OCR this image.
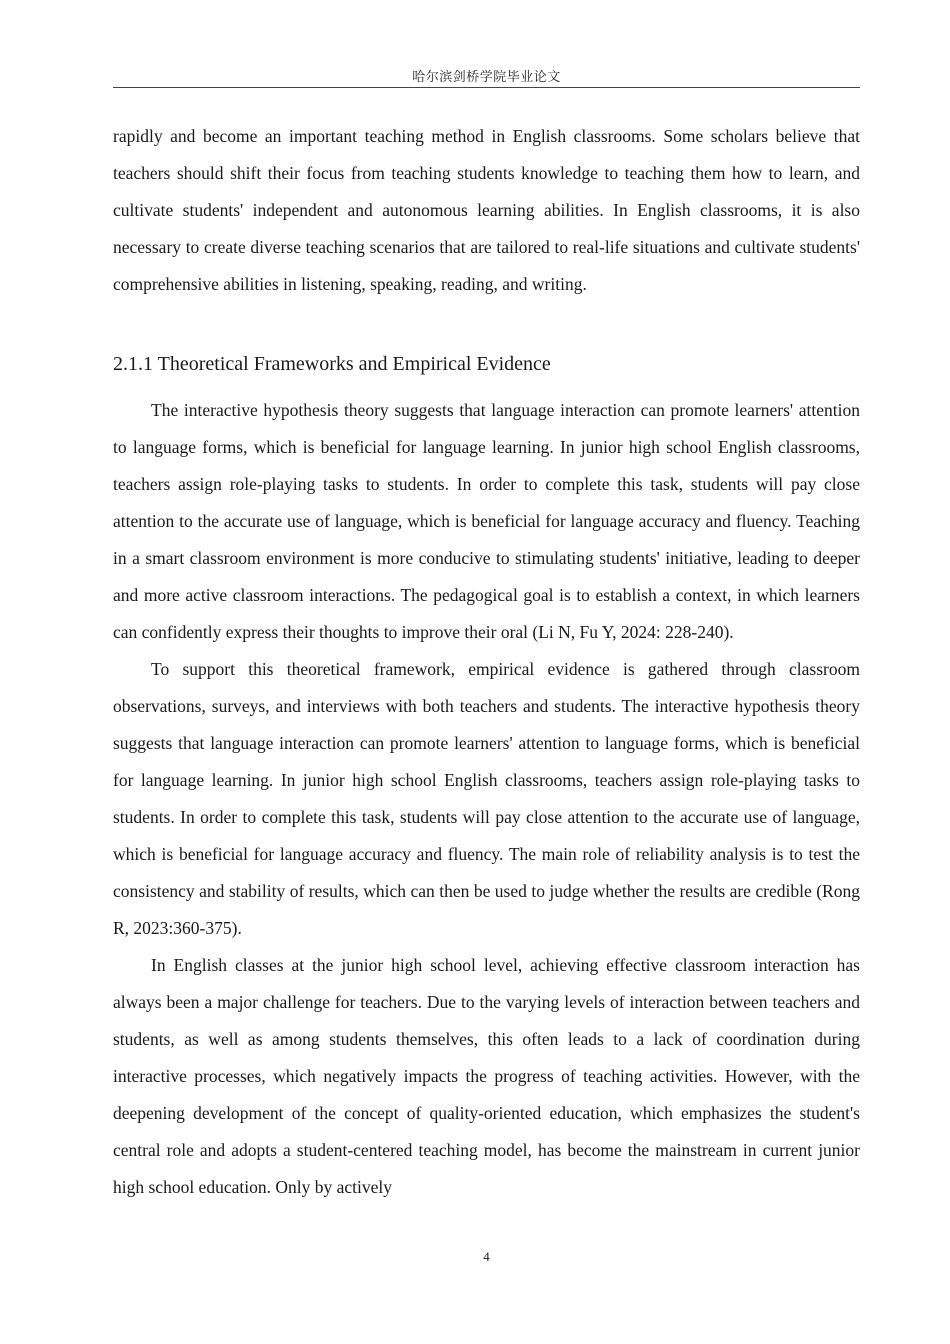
哈尔滨剑桥学院毕业论文

rapidly and become an important teaching method in English classrooms. Some scholars believe that teachers should shift their focus from teaching students knowledge to teaching them how to learn, and cultivate students' independent and autonomous learning abilities. In English classrooms, it is also necessary to create diverse teaching scenarios that are tailored to real-life situations and cultivate students' comprehensive abilities in listening, speaking, reading, and writing.

2.1.1 Theoretical Frameworks and Empirical Evidence

The interactive hypothesis theory suggests that language interaction can promote learners' attention to language forms, which is beneficial for language learning. In junior high school English classrooms, teachers assign role-playing tasks to students. In order to complete this task, students will pay close attention to the accurate use of language, which is beneficial for language accuracy and fluency. Teaching in a smart classroom environment is more conducive to stimulating students' initiative, leading to deeper and more active classroom interactions. The pedagogical goal is to establish a context, in which learners can confidently express their thoughts to improve their oral (Li N, Fu Y, 2024: 228-240).

To support this theoretical framework, empirical evidence is gathered through classroom observations, surveys, and interviews with both teachers and students. The interactive hypothesis theory suggests that language interaction can promote learners' attention to language forms, which is beneficial for language learning. In junior high school English classrooms, teachers assign role-playing tasks to students. In order to complete this task, students will pay close attention to the accurate use of language, which is beneficial for language accuracy and fluency. The main role of reliability analysis is to test the consistency and stability of results, which can then be used to judge whether the results are credible (Rong R, 2023:360-375).

In English classes at the junior high school level, achieving effective classroom interaction has always been a major challenge for teachers. Due to the varying levels of interaction between teachers and students, as well as among students themselves, this often leads to a lack of coordination during interactive processes, which negatively impacts the progress of teaching activities. However, with the deepening development of the concept of quality-oriented education, which emphasizes the student's central role and adopts a student-centered teaching model, has become the mainstream in current junior high school education. Only by actively

4
